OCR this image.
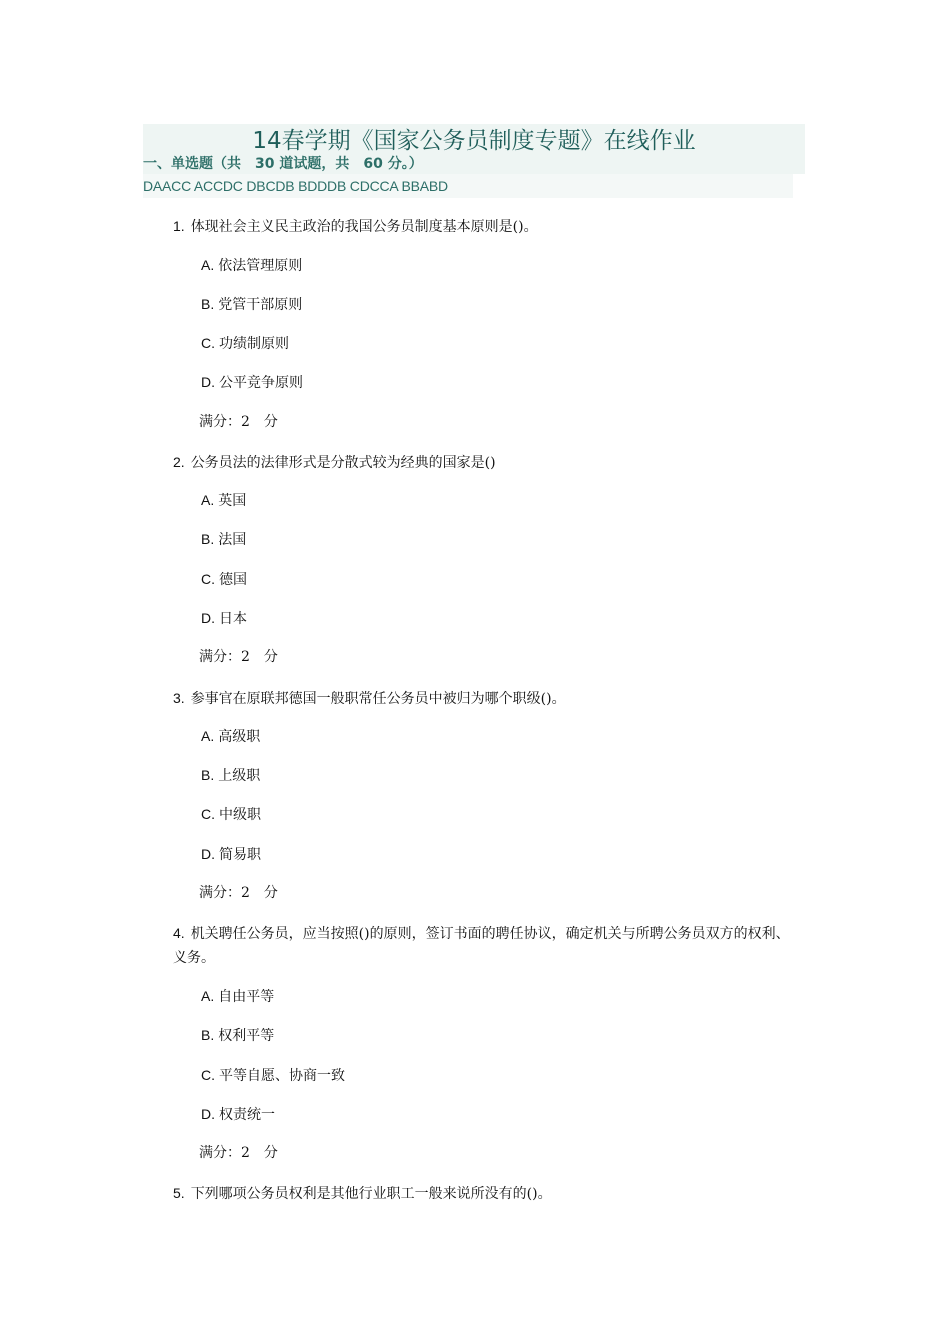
14春学期《国家公务员制度专题》在线作业
一、单选题（共　30 道试题，共　60 分。）
DAACC ACCDC DBCDB BDDDB CDCCA BBABD
1. 体现社会主义民主政治的我国公务员制度基本原则是()。
A. 依法管理原则
B. 党管干部原则
C. 功绩制原则
D. 公平竞争原则
满分：2　分
2. 公务员法的法律形式是分散式较为经典的国家是()
A. 英国
B. 法国
C. 德国
D. 日本
满分：2　分
3. 参事官在原联邦德国一般职常任公务员中被归为哪个职级()。
A. 高级职
B. 上级职
C. 中级职
D. 简易职
满分：2　分
4. 机关聘任公务员，应当按照()的原则，签订书面的聘任协议，确定机关与所聘公务员双方的权利、义务。
A. 自由平等
B. 权利平等
C. 平等自愿、协商一致
D. 权责统一
满分：2　分
5. 下列哪项公务员权利是其他行业职工一般来说所没有的()。
